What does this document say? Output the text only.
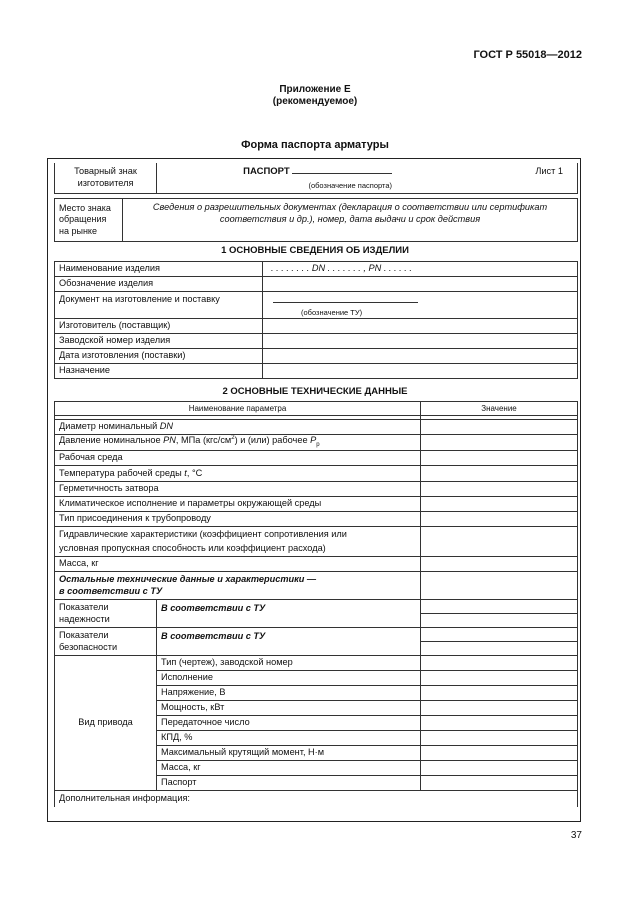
ГОСТ Р 55018—2012
Приложение Е
(рекомендуемое)
Форма паспорта арматуры
Товарный знак изготовителя	
ПАСПОРТ
(обозначение паспорта)
	Лист 1
Место знака обращения на рынке	Сведения о разрешительных документах (декларация о соответствии или сертификат соответствия и др.), номер, дата выдачи и срок действия
1 ОСНОВНЫЕ СВЕДЕНИЯ ОБ ИЗДЕЛИИ
Наименование изделия	. . . . . . . . DN . . . . . . . , PN . . . . . .
Обозначение изделия	
Документ на изготовление и поставку	(обозначение ТУ)

Изготовитель (поставщик)	
Заводской номер изделия	
Дата изготовления (поставки)	
Назначение	
2 ОСНОВНЫЕ ТЕХНИЧЕСКИЕ ДАННЫЕ
Наименование параметра		Значение

Диаметр номинальный DN		
Давление номинальное PN, МПа $(кгс/см^2)$ и (или) рабочее $P_р$	
Рабочая среда		
Температура рабочей среды t, °С		
Герметичность затвора		
Климатическое исполнение и параметры окружающей среды		
Тип присоединения к трубопроводу		
Гидравлические характеристики (коэффициент сопротивления или		
условная пропускная способность или коэффициент расхода)		
Масса, кг		

Остальные технические данные и характеристики —
в соответствии с ТУ		

Показатели надежности	В соответствии с ТУ	

Показатели безопасности	В соответствии с ТУ	

Вид привода	Тип (чертеж), заводской номер	
	Исполнение	
	Напряжение, В	
	Мощность, кВт	
	Передаточное число	
	КПД, %	
	Максимальный крутящий момент, Н·м	
	Масса, кг	
	Паспорт	
Дополнительная информация:		
37
